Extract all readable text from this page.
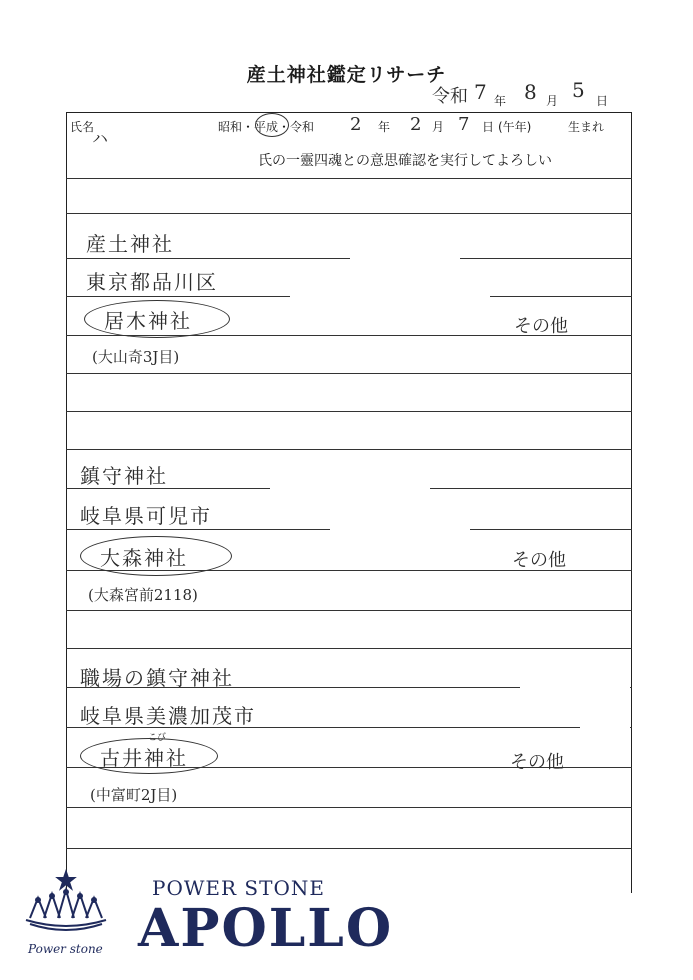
産土神社鑑定リサーチ
令和 7 年 8 月 5 日
氏名
ハ
昭和・平成・令和 2 年 2 月 7 日 (午年)	生まれ
氏の一靈四魂との意思確認を実行してよろしい
産土神社
東京都品川区
居木神社	その他
(大山奇3J目)
鎮守神社
岐阜県可児市
大森神社	その他
(大森宮前2118)
職場の鎮守神社
岐阜県美濃加茂市
こび
古井神社	その他
(中富町2J目)
Power stone
POWER STONE
APOLLO
